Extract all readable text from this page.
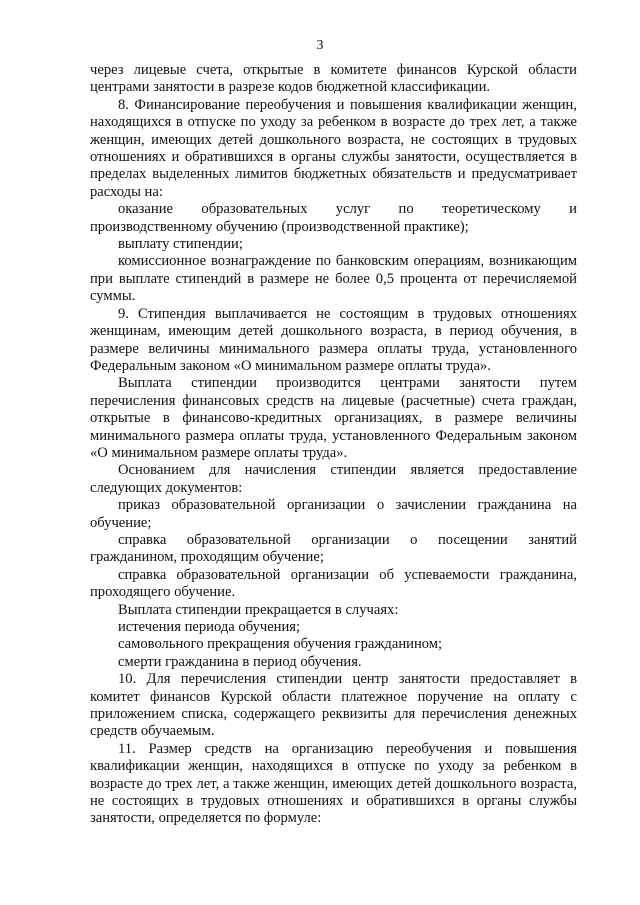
3

через лицевые счета, открытые в комитете финансов Курской области центрами занятости в разрезе кодов бюджетной классификации.

8. Финансирование переобучения и повышения квалификации женщин, находящихся в отпуске по уходу за ребенком в возрасте до трех лет, а также женщин, имеющих детей дошкольного возраста, не состоящих в трудовых отношениях и обратившихся в органы службы занятости, осуществляется в пределах выделенных лимитов бюджетных обязательств и предусматривает расходы на:

оказание образовательных услуг по теоретическому и производственному обучению (производственной практике);

выплату стипендии;

комиссионное вознаграждение по банковским операциям, возникающим при выплате стипендий в размере не более 0,5 процента от перечисляемой суммы.

9. Стипендия выплачивается не состоящим в трудовых отношениях женщинам, имеющим детей дошкольного возраста, в период обучения, в размере величины минимального размера оплаты труда, установленного Федеральным законом «О минимальном размере оплаты труда».

Выплата стипендии производится центрами занятости путем перечисления финансовых средств на лицевые (расчетные) счета граждан, открытые в финансово-кредитных организациях, в размере величины минимального размера оплаты труда, установленного Федеральным законом «О минимальном размере оплаты труда».

Основанием для начисления стипендии является предоставление следующих документов:

приказ образовательной организации о зачислении гражданина на обучение;

справка образовательной организации о посещении занятий гражданином, проходящим обучение;

справка образовательной организации об успеваемости гражданина, проходящего обучение.

Выплата стипендии прекращается в случаях:

истечения периода обучения;

самовольного прекращения обучения гражданином;

смерти гражданина в период обучения.

10. Для перечисления стипендии центр занятости предоставляет в комитет финансов Курской области платежное поручение на оплату с приложением списка, содержащего реквизиты для перечисления денежных средств обучаемым.

11. Размер средств на организацию переобучения и повышения квалификации женщин, находящихся в отпуске по уходу за ребенком в возрасте до трех лет, а также женщин, имеющих детей дошкольного возраста, не состоящих в трудовых отношениях и обратившихся в органы службы занятости, определяется по формуле:
